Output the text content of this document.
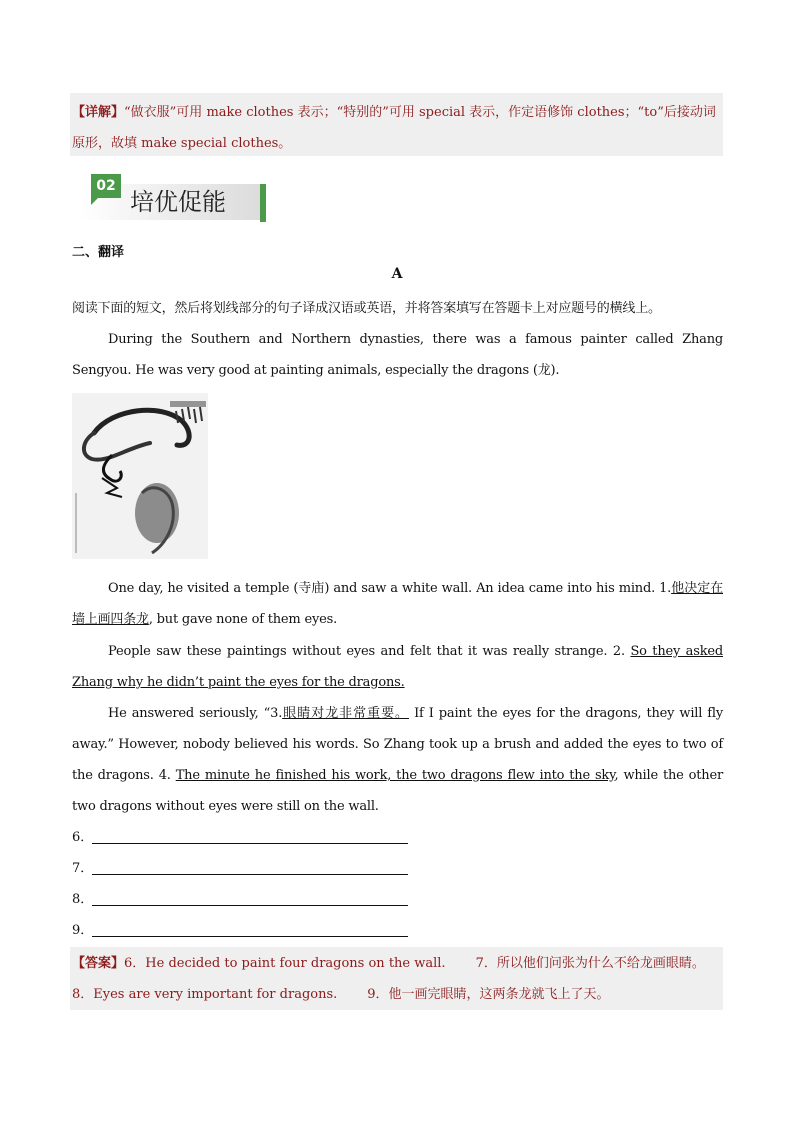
【详解】“做衣服”可用 make clothes 表示；“特别的”可用 special 表示，作定语修饰 clothes；“to”后接动词原形，故填 make special clothes。
02
培优促能
二、翻译
A
阅读下面的短文，然后将划线部分的句子译成汉语或英语，并将答案填写在答题卡上对应题号的横线上。
During the Southern and Northern dynasties, there was a famous painter called Zhang Sengyou. He was very good at painting animals, especially the dragons (龙).
One day, he visited a temple (寺庙) and saw a white wall. An idea came into his mind. 1.他决定在墙上画四条龙, but gave none of them eyes.
People saw these paintings without eyes and felt that it was really strange. 2. So they asked Zhang why he didn’t paint the eyes for the dragons.
He answered seriously, “3.眼睛对龙非常重要。 If I paint the eyes for the dragons, they will fly away.” However, nobody believed his words. So Zhang took up a brush and added the eyes to two of the dragons. 4. The minute he finished his work, the two dragons flew into the sky, while the other two dragons without eyes were still on the wall.
6．
7．
8．
9．
【答案】6．He decided to paint four dragons on the wall. 7．所以他们问张为什么不给龙画眼睛。
8．Eyes are very important for dragons. 9．他一画完眼睛，这两条龙就飞上了天。
